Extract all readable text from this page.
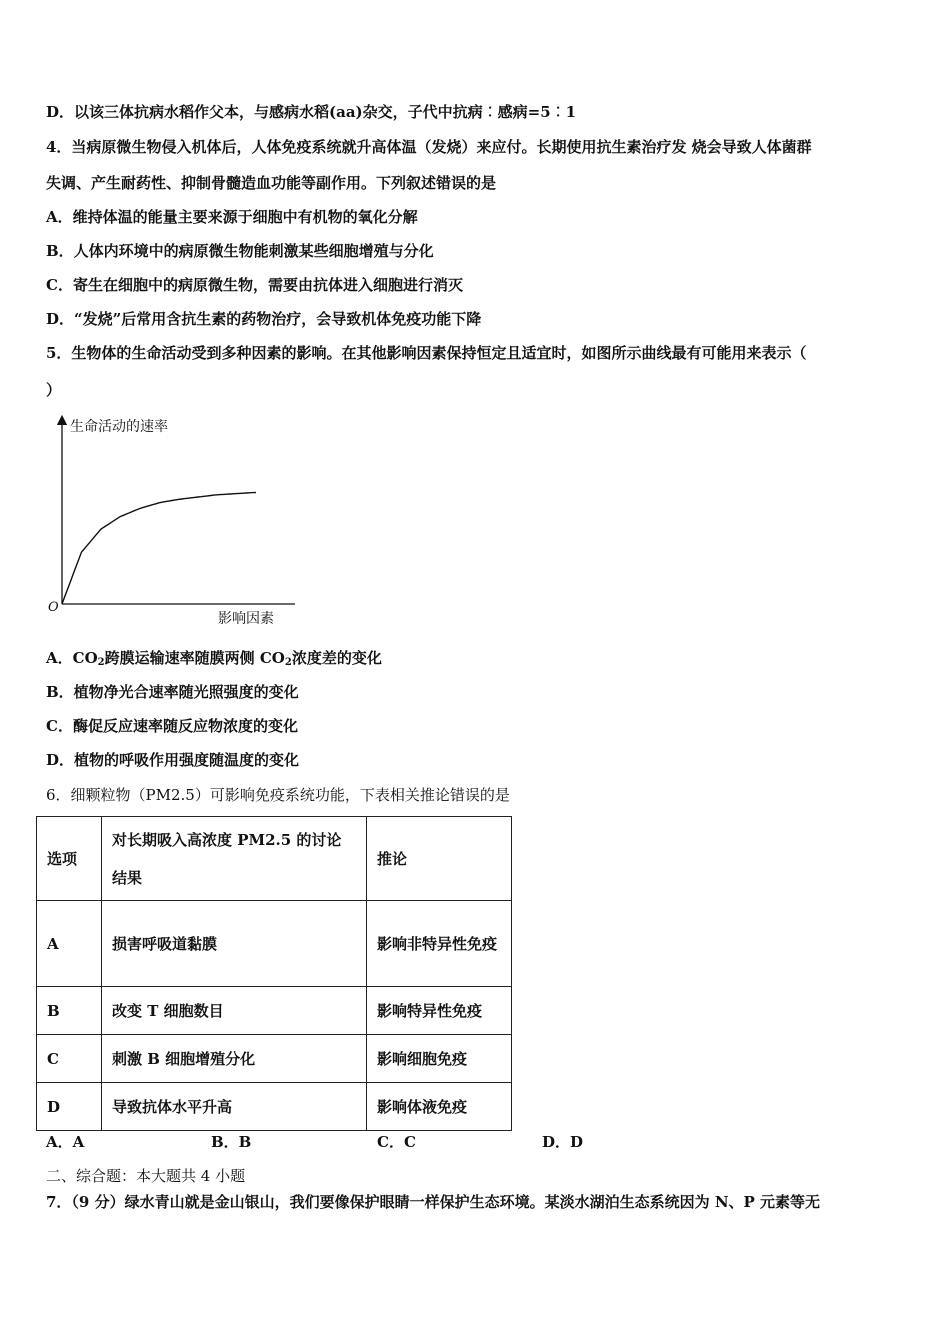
D．以该三体抗病水稻作父本，与感病水稻(aa)杂交，子代中抗病︰感病=5︰1
4．当病原微生物侵入机体后，人体免疫系统就升高体温（发烧）来应付。长期使用抗生素治疗发 烧会导致人体菌群
失调、产生耐药性、抑制骨髓造血功能等副作用。下列叙述错误的是
A．维持体温的能量主要来源于细胞中有机物的氧化分解
B．人体内环境中的病原微生物能刺激某些细胞增殖与分化
C．寄生在细胞中的病原微生物，需要由抗体进入细胞进行消灭
D．“发烧”后常用含抗生素的药物治疗，会导致机体免疫功能下降
5．生物体的生命活动受到多种因素的影响。在其他影响因素保持恒定且适宜时，如图所示曲线最有可能用来表示（
）
生命活动的速率
影响因素
O
A．$CO_2$跨膜运输速率随膜两侧 $CO_2$浓度差的变化
B．植物净光合速率随光照强度的变化
C．酶促反应速率随反应物浓度的变化
D．植物的呼吸作用强度随温度的变化
6．细颗粒物（PM2.5）可影响免疫系统功能，下表相关推论错误的是
选项	对长期吸入高浓度 PM2.5 的讨论结果	推论
A	损害呼吸道黏膜	影响非特异性免疫
B	改变 T 细胞数目	影响特异性免疫
C	刺激 B 细胞增殖分化	影响细胞免疫
D	导致抗体水平升高	影响体液免疫
A．A	B．B	C．C	D．D
二、综合题：本大题共 4 小题
7．（9 分）绿水青山就是金山银山，我们要像保护眼睛一样保护生态环境。某淡水湖泊生态系统因为 N、P 元素等无
